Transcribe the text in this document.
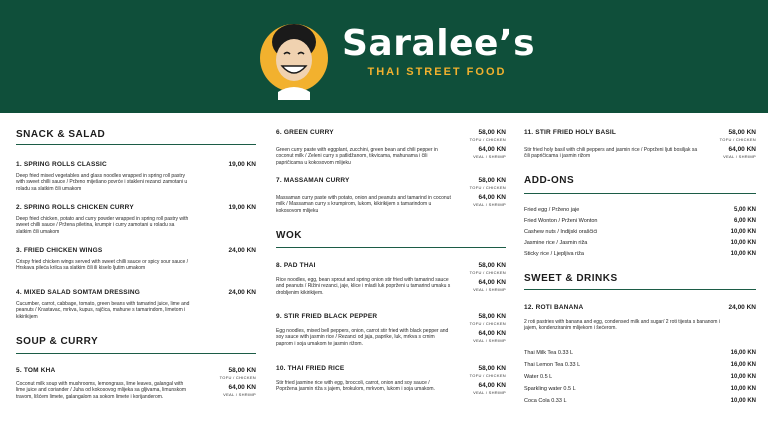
Saralee’s
THAI STREET FOOD
SNACK & SALAD
1. SPRING ROLLS CLASSIC	19,00 KN
Deep fried mixed vegetables and glass noodles wrapped in spring roll pastry with sweet chilli sauce / Prženo miješano povrće i stakleni rezanci zamotani u roladu sa slatkim čili umakom
2. SPRING ROLLS CHICKEN CURRY	19,00 KN
Deep fried chicken, potato and curry powder wrapped in spring roll pastry with sweet chilli sauce / Pržena piletina, krumpir i curry zamotani u roladu sa slatkim čili umakom
3. FRIED CHICKEN WINGS	24,00 KN
Crispy fried chicken wings served with sweet chilli sauce or spicy sour sauce / Hrskava pileća krilca sa slatkim čili ili kiselo ljutim umakom
4. MIXED SALAD SOMTAM DRESSING	24,00 KN
Cucumber, carrot, cabbage, tomato, green beans with tamarind juice, lime and peanuts / Krastavac, mrkva, kupus, rajčica, mahune s tamarindom, limetom i kikirikijem
SOUP & CURRY
5. TOM KHA	58,00 KN
TOFU / CHICKEN
64,00 KN
VEAL / SHRIMP
Coconut milk soup with mushrooms, lemongrass, lime leaves, galangal with lime juice and coriander / Juha od kokosovog mlijeka sa gljivama, limunskom travom, lišćem limete, galangalom sa sokom limete i korijanderom.
6. GREEN CURRY	58,00 KN
TOFU / CHICKEN
64,00 KN
VEAL / SHRIMP
Green curry paste with eggplant, zucchini, green bean and chili pepper in coconut milk / Zeleni curry s patlidžanom, tikvicama, mahunama i čili papričicama u kokosovom mlijeku
7. MASSAMAN CURRY	58,00 KN
TOFU / CHICKEN
64,00 KN
VEAL / SHRIMP
Massaman curry paste with potato, onion and peanuts and tamarind in coconut milk / Massaman curry s krumpirom, lukom, kikirikijem s tamarindom u kokosovom mlijeku
WOK
8. PAD THAI	58,00 KN
TOFU / CHICKEN
64,00 KN
VEAL / SHRIMP
Rice noodles, egg, bean sprout and spring onion stir fried with tamarind sauce and peanuts / Rižini rezanci, jaje, klice i mladi luk poprženi u tamarind umaku s drobljenim kikirikijem.
9. STIR FRIED BLACK PEPPER	58,00 KN
TOFU / CHICKEN
64,00 KN
VEAL / SHRIMP
Egg noodles, mixed bell peppers, onion, carrot stir fried with black pepper and soy sauce with jasmin rice / Rezanci od jaja, paprike, luk, mrkva s crnim paprom i soja umakom te jasmin rižom.
10. THAI FRIED RICE	58,00 KN
TOFU / CHICKEN
64,00 KN
VEAL / SHRIMP
Stir fried jasmine rice with egg, broccoli, carrot, onion and soy sauce / Popržena jasmin riža s jajem, brokulom, mrkvom, lukom i soja umakom.
11. STIR FRIED HOLY BASIL	58,00 KN
TOFU / CHICKEN
64,00 KN
VEAL / SHRIMP
Stir fried holy basil with chili peppers and jasmin rice / Poprženi ljuti bosiljak sa čili papričicama i jasmin rižom
ADD-ONS
Fried egg / Prženo jaje	5,00 KN
Fried Wonton / Prženi Wonton	6,00 KN
Cashew nuts / Indijski oraščići	10,00 KN
Jasmine rice / Jasmin riža	10,00 KN
Sticky rice / Ljepljiva riža	10,00 KN
SWEET & DRINKS
12. ROTI BANANA	24,00 KN
2 roti pastries with banana and egg, condensed milk and sugar/ 2 roti tijesta s bananom i jajem, kondenziranim mlijekom i šećerom.
Thai Milk Tea 0.33 L	16,00 KN
Thai Lemon Tea 0.33 L	16,00 KN
Water 0.5 L	10,00 KN
Sparkling water 0.5 L	10,00 KN
Coca Cola 0.33 L	10,00 KN
